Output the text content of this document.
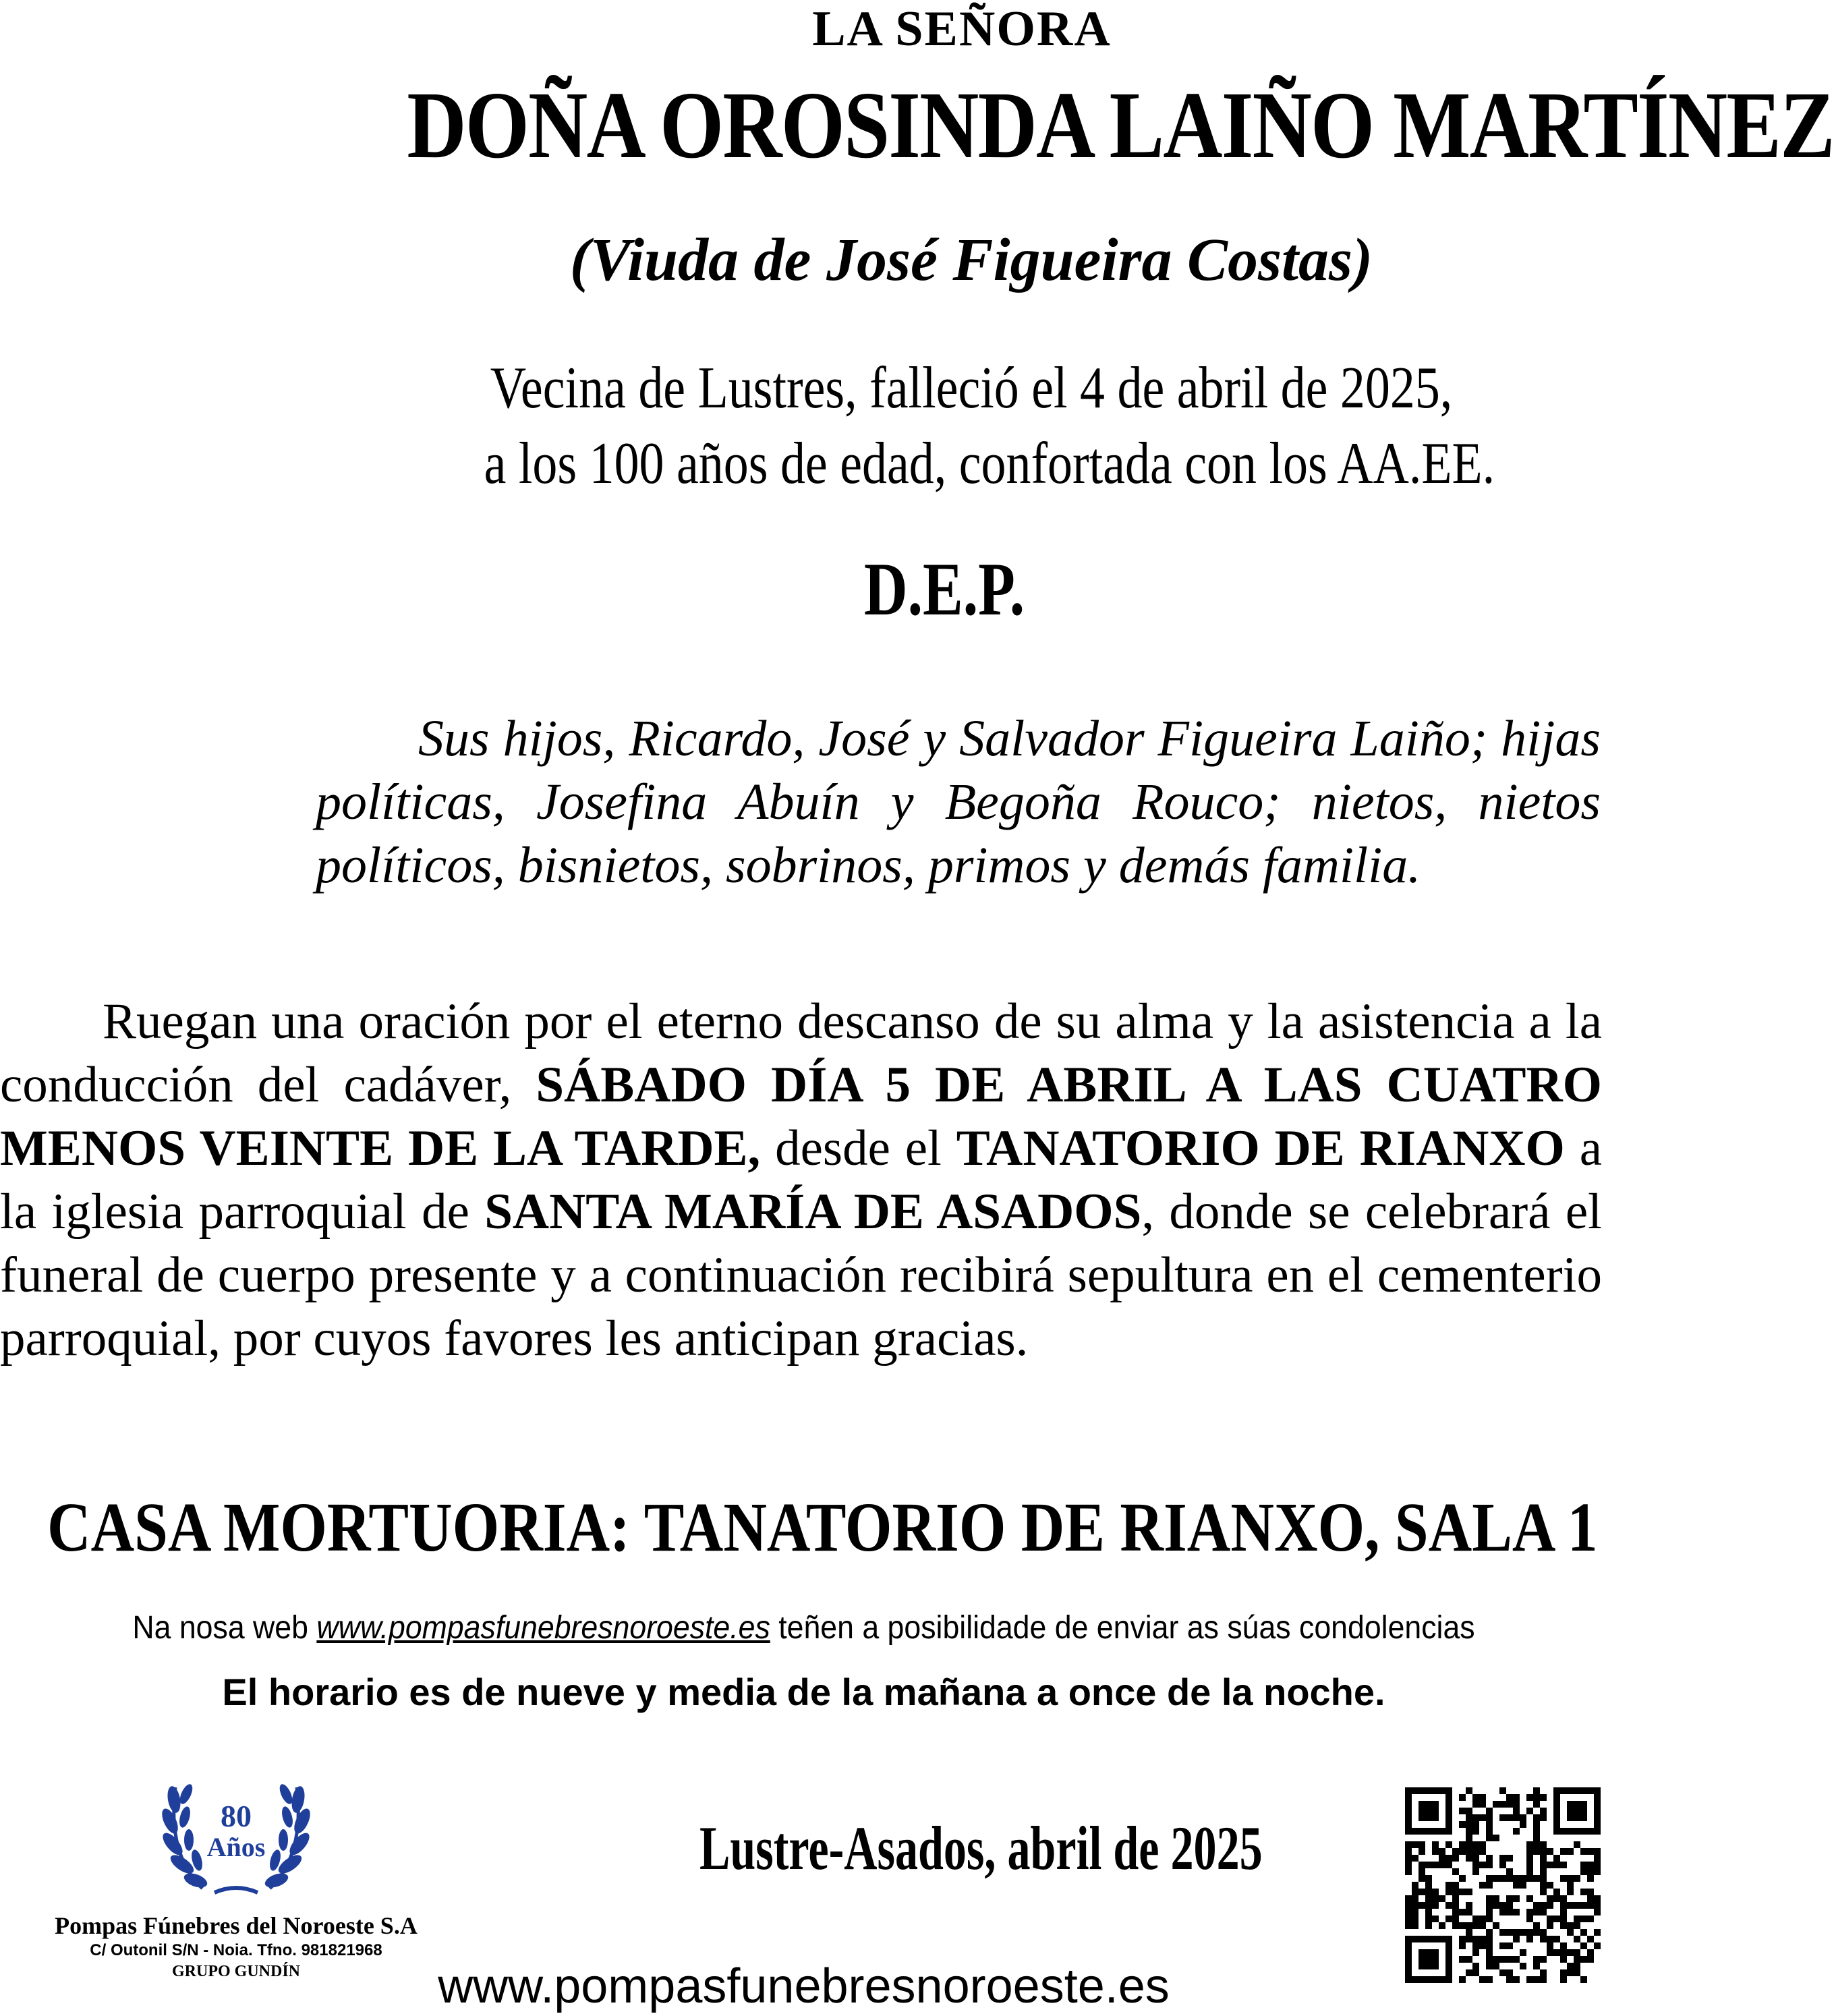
LA SEÑORA
DOÑA OROSINDA LAIÑO MARTÍNEZ
(Viuda de José Figueira Costas)
Vecina de Lustres, falleció el 4 de abril de 2025,
a los 100 años de edad, confortada con los AA.EE.
D.E.P.
Sus hijos, Ricardo, José y Salvador Figueira Laiño; hijas políticas, Josefina Abuín y Begoña Rouco; nietos, nietos políticos, bisnietos, sobrinos, primos y demás familia.
Ruegan una oración por el eterno descanso de su alma y la asistencia a la conducción del cadáver, SÁBADO DÍA 5 DE ABRIL A LAS CUATRO MENOS VEINTE DE LA TARDE, desde el TANATORIO DE RIANXO a la iglesia parroquial de SANTA MARÍA DE ASADOS, donde se celebrará el funeral de cuerpo presente y a continuación recibirá sepultura en el cementerio parroquial, por cuyos favores les anticipan gracias.
CASA MORTUORIA: TANATORIO DE RIANXO, SALA 1
Na nosa web www.pompasfunebresnoroeste.es teñen a posibilidade de enviar as súas condolencias
El horario es de nueve y media de la mañana a once de la noche.
80
Años
Pompas Fúnebres del Noroeste S.A
C/ Outonil S/N - Noia. Tfno. 981821968
GRUPO GUNDÍN
Lustre-Asados, abril de 2025
www.pompasfunebresnoroeste.es
